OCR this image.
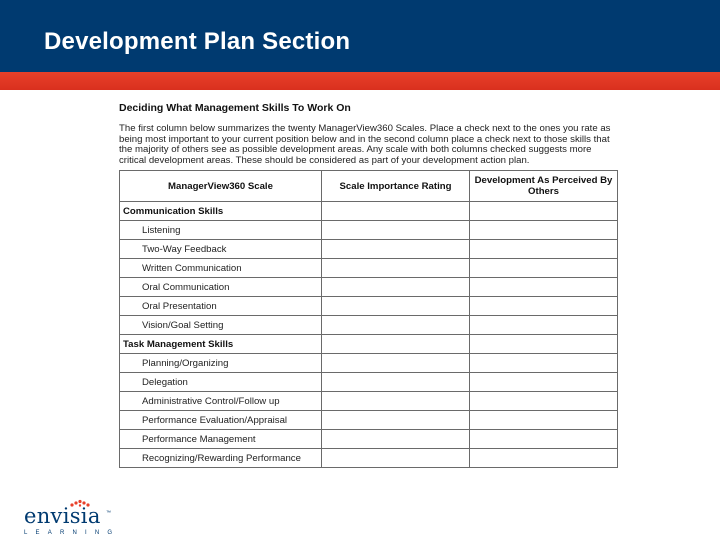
Development Plan Section
Deciding What Management Skills To Work On
The first column below summarizes the twenty ManagerView360 Scales. Place a check next to the ones you rate as being most important to your current position below and in the second column place a check next to those skills that the majority of others see as possible development areas. Any scale with both columns checked suggests more critical development areas. These should be considered as part of your development action plan.
ManagerView360 Scale	Scale Importance Rating	Development As Perceived By Others

Communication Skills		

Listening		

Two-Way Feedback		

Written Communication		

Oral Communication		

Oral Presentation		

Vision/Goal Setting		

Task Management Skills		

Planning/Organizing		

Delegation		

Administrative Control/Follow up		

Performance Evaluation/Appraisal		

Performance Management		

Recognizing/Rewarding Performance		

envisia ™
LEARNING
